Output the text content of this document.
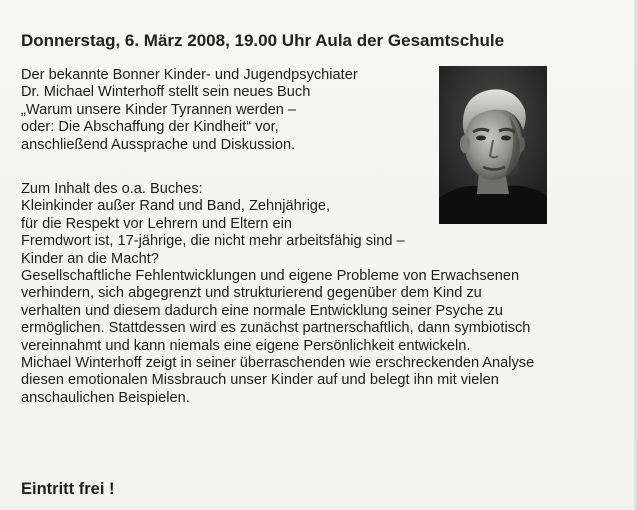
Donnerstag, 6. März 2008, 19.00 Uhr Aula der Gesamtschule
Der bekannte Bonner Kinder- und Jugendpsychiater
Dr. Michael Winterhoff stellt sein neues Buch
„Warum unsere Kinder Tyrannen werden –
oder: Die Abschaffung der Kindheit“ vor,
anschließend Aussprache und Diskussion.
Zum Inhalt des o.a. Buches:
Kleinkinder außer Rand und Band, Zehnjährige,
für die Respekt vor Lehrern und Eltern ein
Fremdwort ist, 17-jährige, die nicht mehr arbeitsfähig sind –
Kinder an die Macht?
Gesellschaftliche Fehlentwicklungen und eigene Probleme von Erwachsenen
verhindern, sich abgegrenzt und strukturierend gegenüber dem Kind zu
verhalten und diesem dadurch eine normale Entwicklung seiner Psyche zu
ermöglichen. Stattdessen wird es zunächst partnerschaftlich, dann symbiotisch
vereinnahmt und kann niemals eine eigene Persönlichkeit entwickeln.
Michael Winterhoff zeigt in seiner überraschenden wie erschreckenden Analyse
diesen emotionalen Missbrauch unser Kinder auf und belegt ihn mit vielen
anschaulichen Beispielen.
Eintritt frei !
